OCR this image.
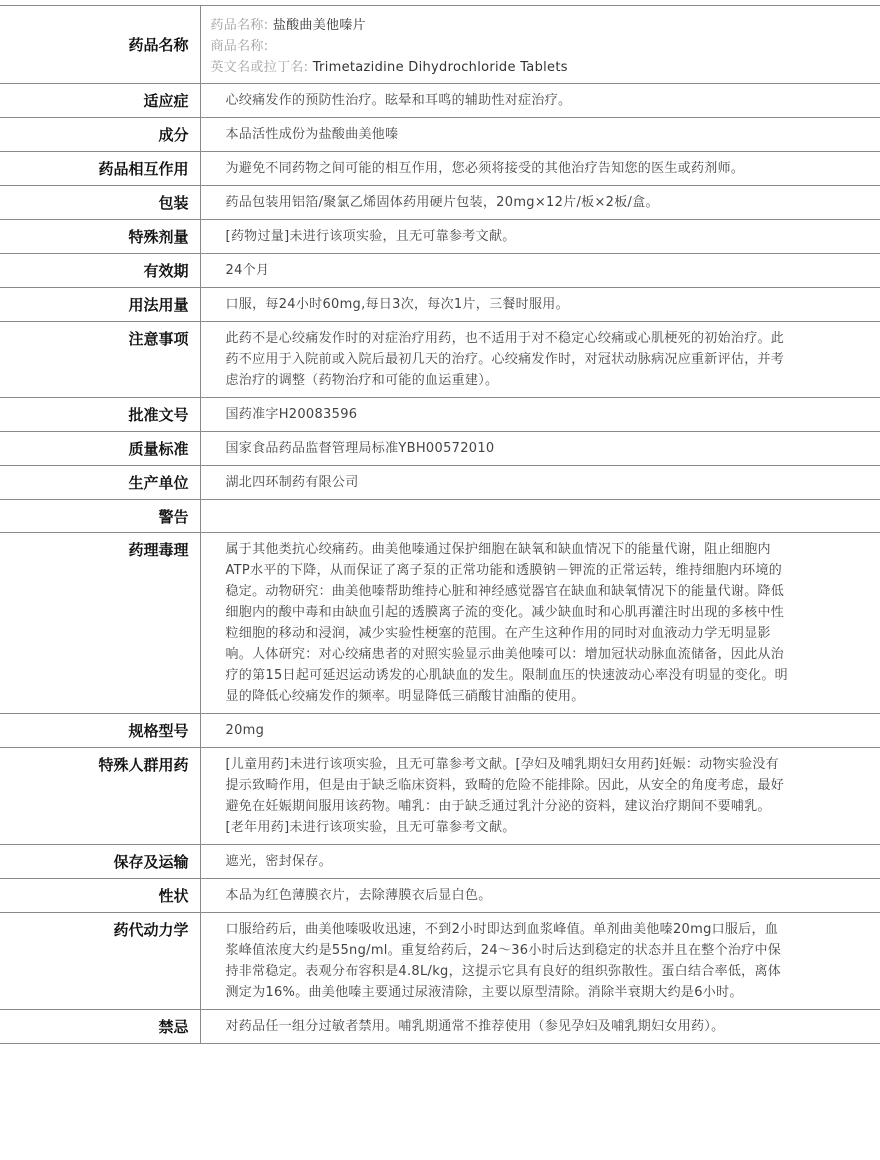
药品名称	药品名称: 盐酸曲美他嗪片
商品名称:
英文名或拉丁名: Trimetazidine Dihydrochloride Tablets

适应症	心绞痛发作的预防性治疗。眩晕和耳鸣的辅助性对症治疗。
成分	本品活性成份为盐酸曲美他嗪
药品相互作用	为避免不同药物之间可能的相互作用，您必须将接受的其他治疗告知您的医生或药剂师。
包装	药品包装用铝箔/聚氯乙烯固体药用硬片包装，20mg×12片/板×2板/盒。
特殊剂量	[药物过量]未进行该项实验，且无可靠参考文献。
有效期	24个月
用法用量	口服，每24小时60mg,每日3次，每次1片，三餐时服用。
注意事项	此药不是心绞痛发作时的对症治疗用药，也不适用于对不稳定心绞痛或心肌梗死的初始治疗。此药不应用于入院前或入院后最初几天的治疗。心绞痛发作时，对冠状动脉病况应重新评估，并考虑治疗的调整（药物治疗和可能的血运重建）。
批准文号	国药准字H20083596
质量标准	国家食品药品监督管理局标准YBH00572010
生产单位	湖北四环制药有限公司
警告	
药理毒理	属于其他类抗心绞痛药。曲美他嗪通过保护细胞在缺氧和缺血情况下的能量代谢，阻止细胞内ATP水平的下降，从而保证了离子泵的正常功能和透膜钠－钾流的正常运转，维持细胞内环境的稳定。动物研究：曲美他嗪帮助维持心脏和神经感觉器官在缺血和缺氧情况下的能量代谢。降低细胞内的酸中毒和由缺血引起的透膜离子流的变化。减少缺血时和心肌再灌注时出现的多核中性粒细胞的移动和浸润，减少实验性梗塞的范围。在产生这种作用的同时对血液动力学无明显影响。人体研究：对心绞痛患者的对照实验显示曲美他嗪可以：增加冠状动脉血流储备，因此从治疗的第15日起可延迟运动诱发的心肌缺血的发生。限制血压的快速波动心率没有明显的变化。明显的降低心绞痛发作的频率。明显降低三硝酸甘油酯的使用。
规格型号	20mg
特殊人群用药	[儿童用药]未进行该项实验，且无可靠参考文献。[孕妇及哺乳期妇女用药]妊娠：动物实验没有提示致畸作用，但是由于缺乏临床资料，致畸的危险不能排除。因此，从安全的角度考虑，最好避免在妊娠期间服用该药物。哺乳：由于缺乏通过乳汁分泌的资料，建议治疗期间不要哺乳。[老年用药]未进行该项实验，且无可靠参考文献。
保存及运输	遮光，密封保存。
性状	本品为红色薄膜衣片，去除薄膜衣后显白色。
药代动力学	口服给药后，曲美他嗪吸收迅速，不到2小时即达到血浆峰值。单剂曲美他嗪20mg口服后，血浆峰值浓度大约是55ng/ml。重复给药后，24～36小时后达到稳定的状态并且在整个治疗中保持非常稳定。表观分布容积是4.8L/kg，这提示它具有良好的组织弥散性。蛋白结合率低，离体测定为16%。曲美他嗪主要通过尿液清除，主要以原型清除。消除半衰期大约是6小时。
禁忌	对药品任一组分过敏者禁用。哺乳期通常不推荐使用（参见孕妇及哺乳期妇女用药）。
